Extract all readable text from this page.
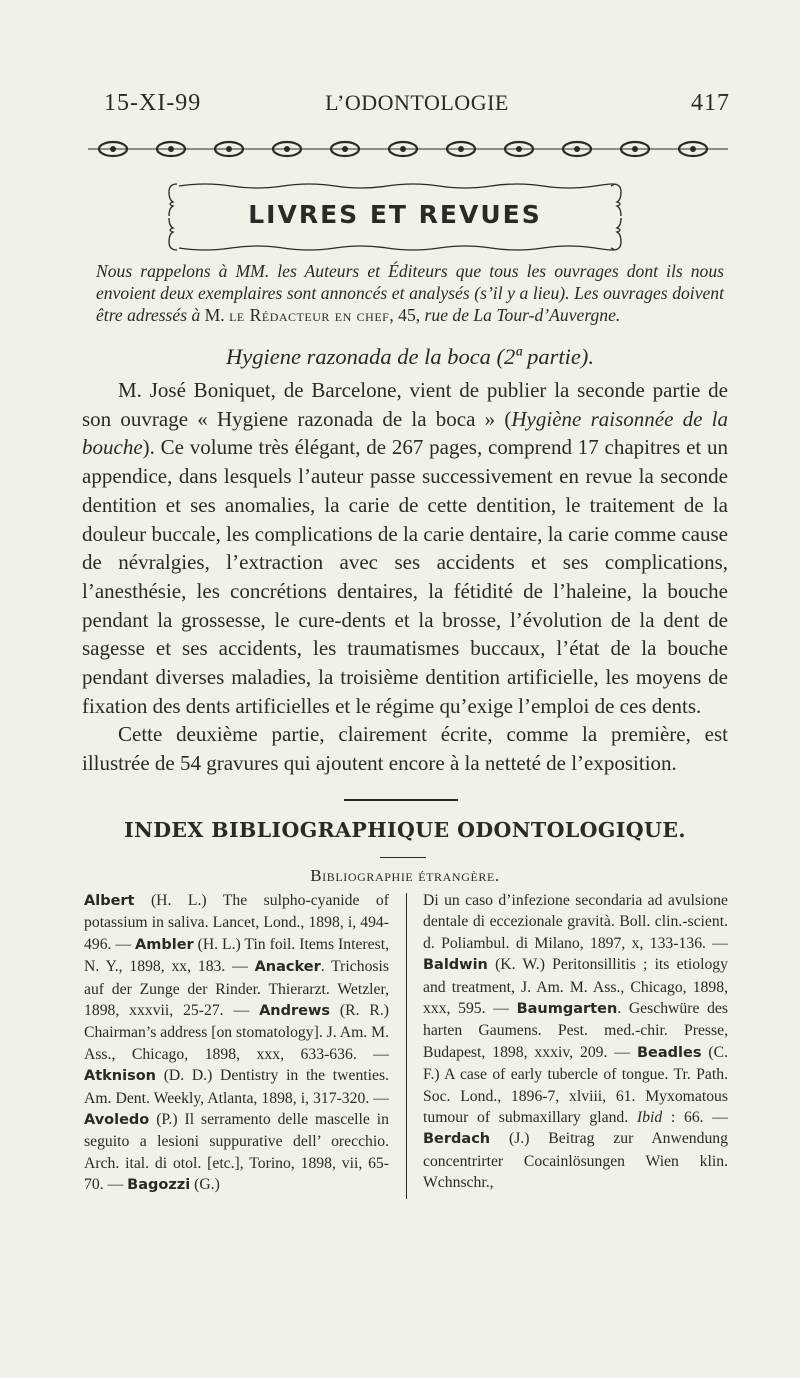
15-XI-99	L’ODONTOLOGIE	417
LIVRES ET REVUES
Nous rappelons à MM. les Auteurs et Éditeurs que tous les ouvrages dont ils nous envoient deux exemplaires sont annoncés et analysés (s’il y a lieu). Les ouvrages doivent être adressés à M. le Rédacteur en chef, 45, rue de La Tour-d’Auvergne.
Hygiene razonada de la boca (2ª partie).

M. José Boniquet, de Barcelone, vient de publier la seconde partie de son ouvrage « Hygiene razonada de la boca » (Hygiène raisonnée de la bouche). Ce volume très élégant, de 267 pages, comprend 17 chapitres et un appendice, dans lesquels l’auteur passe successivement en revue la seconde dentition et ses anomalies, la carie de cette dentition, le traitement de la douleur buccale, les complications de la carie dentaire, la carie comme cause de névralgies, l’extraction avec ses accidents et ses complications, l’anesthésie, les concrétions dentaires, la fétidité de l’haleine, la bouche pendant la grossesse, le cure-dents et la brosse, l’évolution de la dent de sagesse et ses accidents, les traumatismes buccaux, l’état de la bouche pendant diverses maladies, la troisième dentition artificielle, les moyens de fixation des dents artificielles et le régime qu’exige l’emploi de ces dents.

Cette deuxième partie, clairement écrite, comme la première, est illustrée de 54 gravures qui ajoutent encore à la netteté de l’exposition.

INDEX BIBLIOGRAPHIQUE ODONTOLOGIQUE.
Bibliographie étrangère.
Albert (H. L.) The sulpho-cyanide of potassium in saliva. Lancet, Lond., 1898, i, 494-496. — Ambler (H. L.) Tin foil. Items Interest, N. Y., 1898, xx, 183. — Anacker. Trichosis auf der Zunge der Rinder. Thierarzt. Wetzler, 1898, xxxvii, 25-27. — Andrews (R. R.) Chairman’s address [on stomatology]. J. Am. M. Ass., Chicago, 1898, xxx, 633-636. — Atknison (D. D.) Dentistry in the twenties. Am. Dent. Weekly, Atlanta, 1898, i, 317-320. — Avoledo (P.) Il serramento delle mascelle in seguito a lesioni suppurative dell’ orecchio. Arch. ital. di otol. [etc.], Torino, 1898, vii, 65-70. — Bagozzi (G.)
Di un caso d’infezione secondaria ad avulsione dentale di eccezionale gravità. Boll. clin.-scient. d. Poliambul. di Milano, 1897, x, 133-136. — Baldwin (K. W.) Peritonsillitis ; its etiology and treatment, J. Am. M. Ass., Chicago, 1898, xxx, 595. — Baumgarten. Geschwüre des harten Gaumens. Pest. med.-chir. Presse, Budapest, 1898, xxxiv, 209. — Beadles (C. F.) A case of early tubercle of tongue. Tr. Path. Soc. Lond., 1896-7, xlviii, 61. Myxomatous tumour of submaxillary gland. Ibid : 66. — Berdach (J.) Beitrag zur Anwendung concentrirter Cocainlösungen Wien klin. Wchnschr.,
